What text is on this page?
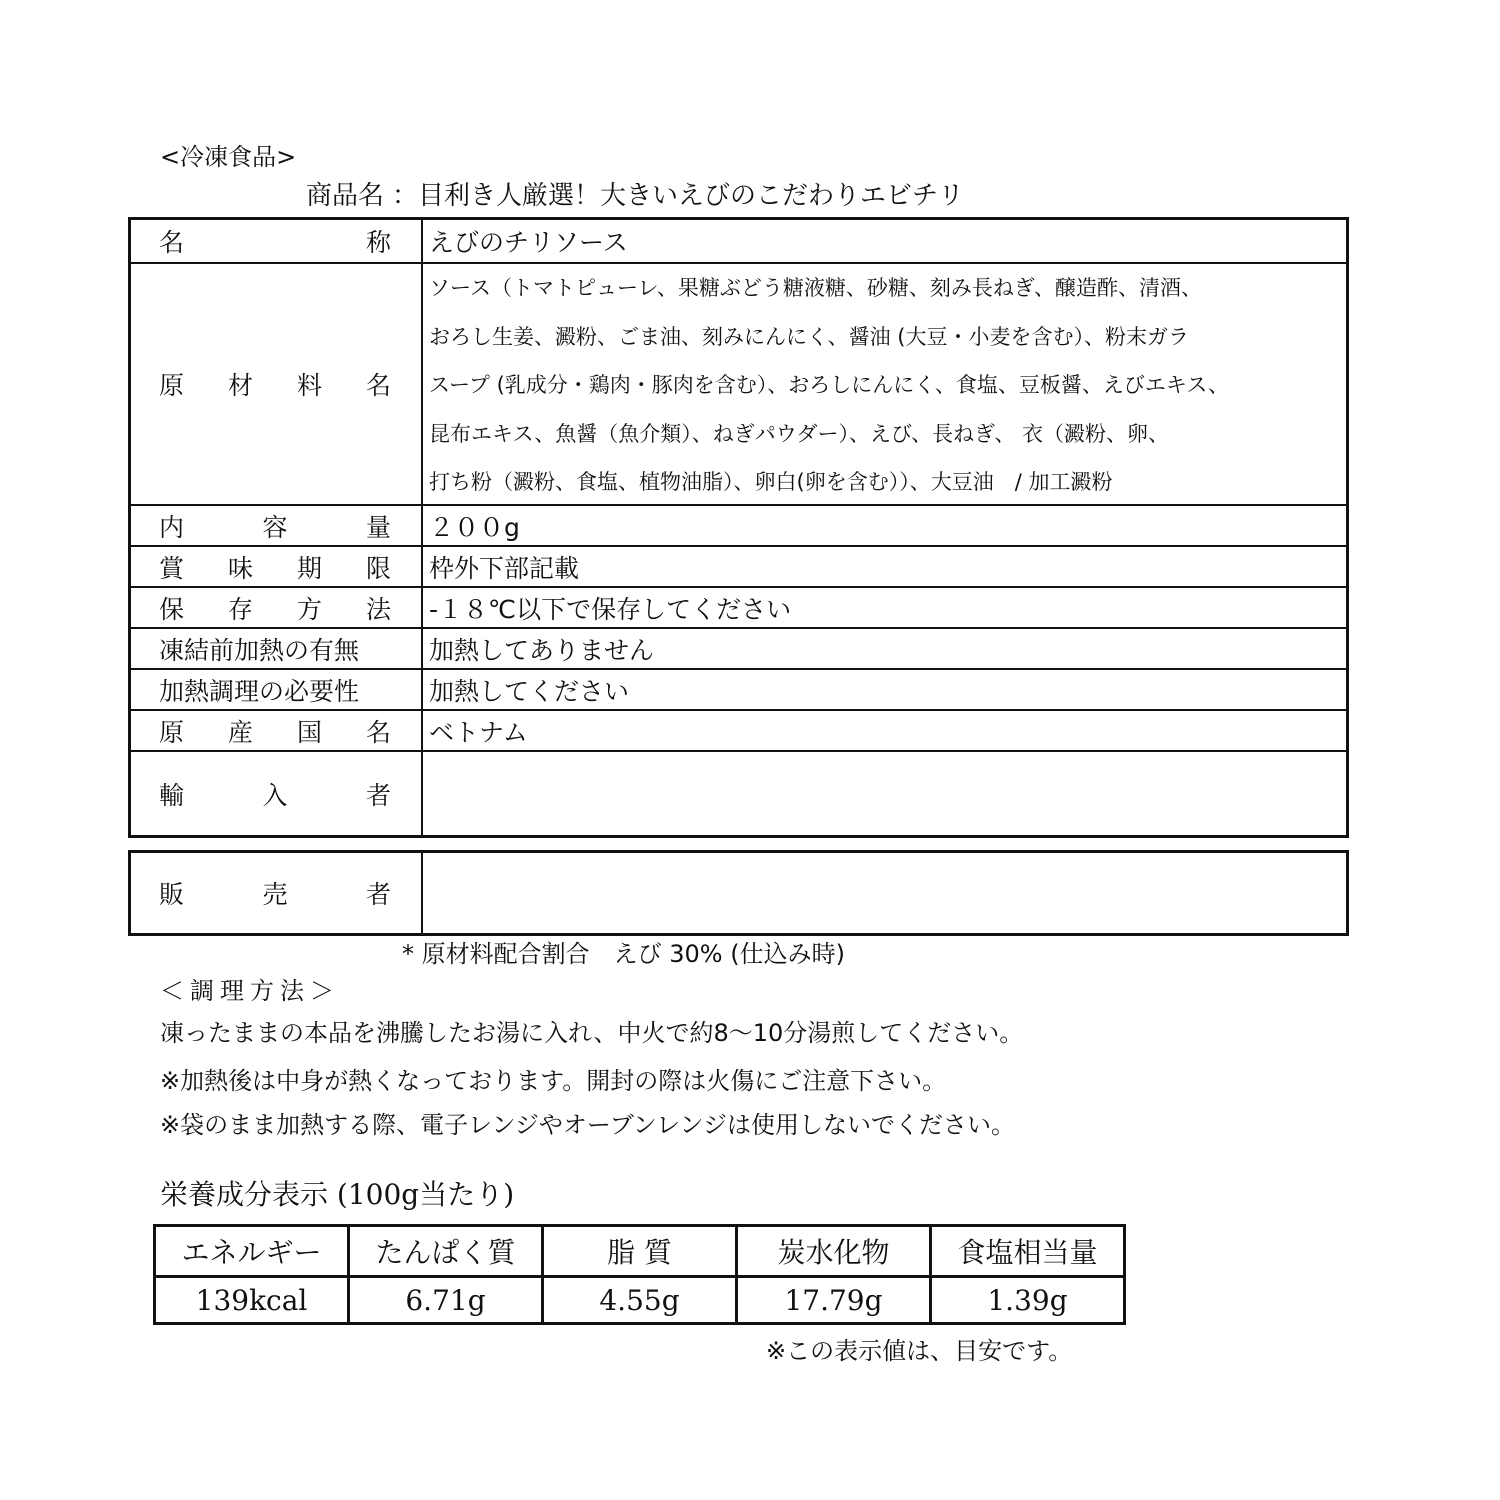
<冷凍食品>
商品名 ：目利き人厳選！大きいえびのこだわりエビチリ
名	称 えびのチリソース
原 材 料 名
ソース（トマトピューレ、果糖ぶどう糖液糖、砂糖、刻み長ねぎ、醸造酢、清酒、
おろし生姜、澱粉、ごま油、刻みにんにく、醤油 (大豆・小麦を含む）、粉末ガラ
スープ (乳成分・鶏肉・豚肉を含む）、おろしにんにく、食塩、豆板醤、えびエキス、
昆布エキス、魚醤（魚介類）、ねぎパウダー）、えび、長ねぎ、 衣（澱粉、卵、
打ち粉（澱粉、食塩、植物油脂）、卵白(卵を含む））、大豆油　/ 加工澱粉
内	容	量 ２００g
賞 味 期 限 枠外下部記載
保 存 方 法 -１８℃以下で保存してください
凍結前加熱の有無	加熱してありません
加熱調理の必要性	加熱してください
原 産 国 名 ベトナム
輸	入	者
販	売	者
* 原材料配合割合　えび 30% (仕込み時)
＜調理方法＞
凍ったままの本品を沸騰したお湯に入れ、中火で約8～10分湯煎してください。
※加熱後は中身が熱くなっております。開封の際は火傷にご注意下さい。
※袋のまま加熱する際、電子レンジやオーブンレンジは使用しないでください。
栄養成分表示 (100g当たり)
エネルギー	たんぱく質	脂 質	炭水化物	食塩相当量
139kcal	6.71g	4.55g	17.79g	1.39g
※この表示値は、目安です。
